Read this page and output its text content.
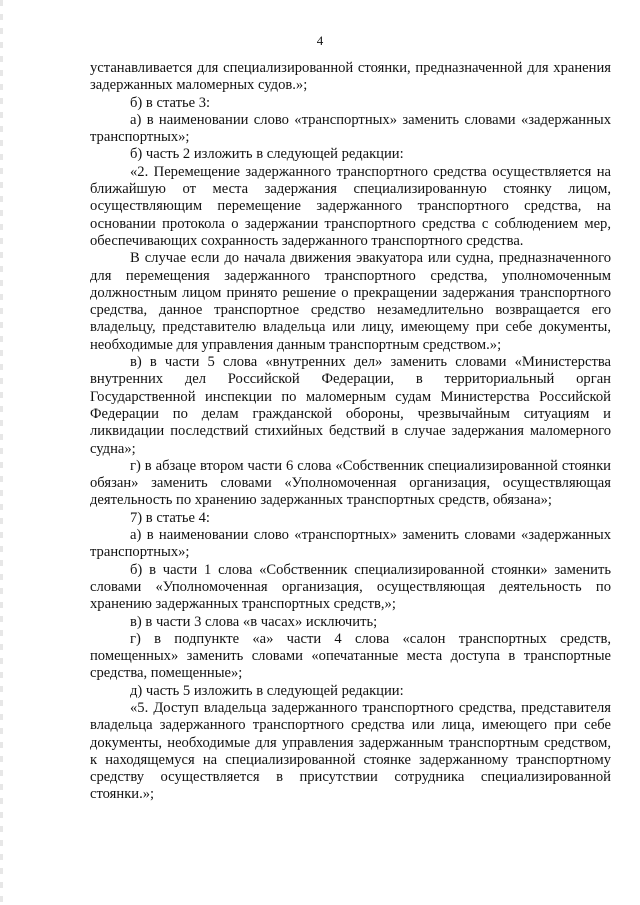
4

устанавливается для специализированной стоянки, предназначенной для хранения задержанных маломерных судов.»;

б) в статье 3:

а) в наименовании слово «транспортных» заменить словами «задержанных транспортных»;

б) часть 2 изложить в следующей редакции:

«2. Перемещение задержанного транспортного средства осуществляется на ближайшую от места задержания специализированную стоянку лицом, осуществляющим перемещение задержанного транспортного средства, на основании протокола о задержании транспортного средства с соблюдением мер, обеспечивающих сохранность задержанного транспортного средства.

В случае если до начала движения эвакуатора или судна, предназначенного для перемещения задержанного транспортного средства, уполномоченным должностным лицом принято решение о прекращении задержания транспортного средства, данное транспортное средство незамедлительно возвращается его владельцу, представителю владельца или лицу, имеющему при себе документы, необходимые для управления данным транспортным средством.»;

в) в части 5 слова «внутренних дел» заменить словами «Министерства внутренних дел Российской Федерации, в территориальный орган Государственной инспекции по маломерным судам Министерства Российской Федерации по делам гражданской обороны, чрезвычайным ситуациям и ликвидации последствий стихийных бедствий в случае задержания маломерного судна»;

г) в абзаце втором части 6 слова «Собственник специализированной стоянки обязан» заменить словами «Уполномоченная организация, осуществляющая деятельность по хранению задержанных транспортных средств, обязана»;

7) в статье 4:

а) в наименовании слово «транспортных» заменить словами «задержанных транспортных»;

б) в части 1 слова «Собственник специализированной стоянки» заменить словами «Уполномоченная организация, осуществляющая деятельность по хранению задержанных транспортных средств,»;

в) в части 3 слова «в часах» исключить;

г) в подпункте «а» части 4 слова «салон транспортных средств, помещенных» заменить словами «опечатанные места доступа в транспортные средства, помещенные»;

д) часть 5 изложить в следующей редакции:

«5. Доступ владельца задержанного транспортного средства, представителя владельца задержанного транспортного средства или лица, имеющего при себе документы, необходимые для управления задержанным транспортным средством, к находящемуся на специализированной стоянке задержанному транспортному средству осуществляется в присутствии сотрудника специализированной стоянки.»;
